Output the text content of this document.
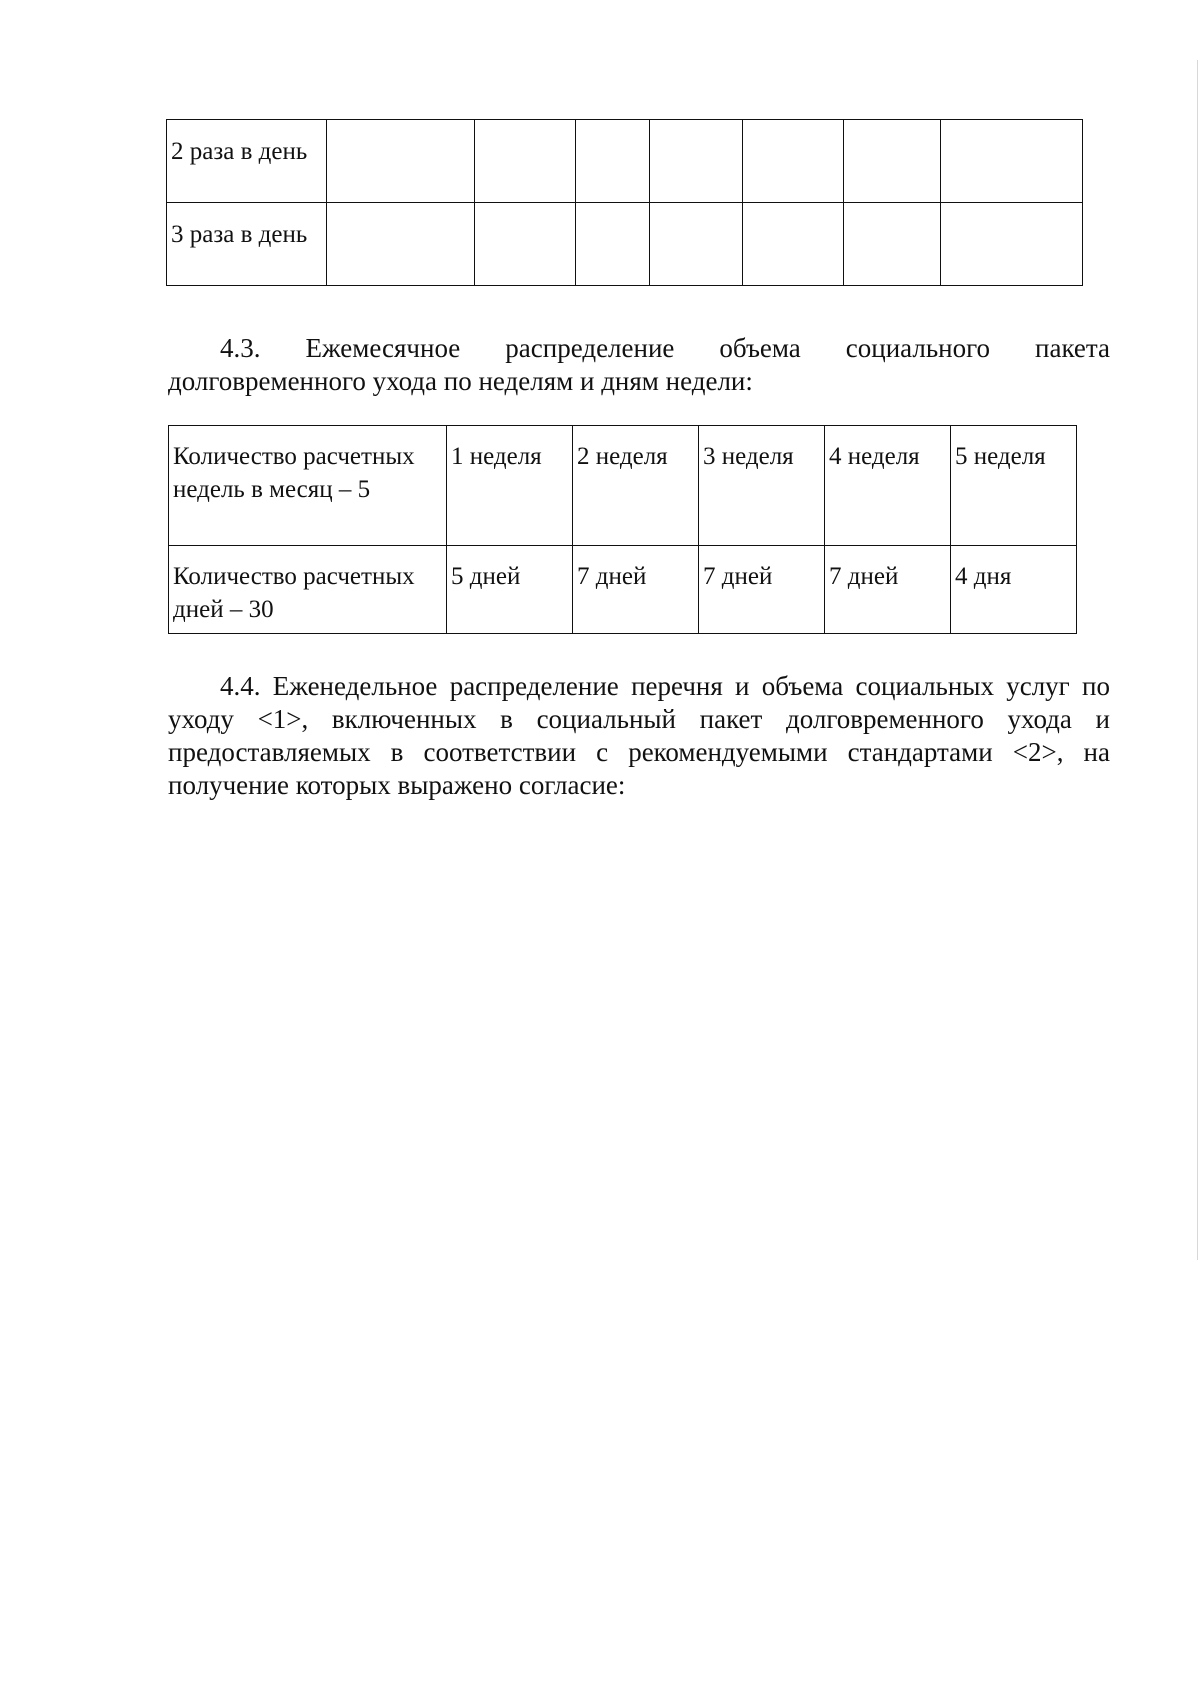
2 раза в день							
3 раза в день							

4.3. Ежемесячное распределение объема социального пакета долговременного ухода по неделям и дням недели:

Количество расчетных недель в месяц – 5	1 неделя	2 неделя	3 неделя	4 неделя	5 неделя
Количество расчетных дней – 30	5 дней	7 дней	7 дней	7 дней	4 дня

4.4. Еженедельное распределение перечня и объема социальных услуг по уходу <1>, включенных в социальный пакет долговременного ухода и предоставляемых в соответствии с рекомендуемыми стандартами <2>, на получение которых выражено согласие:
